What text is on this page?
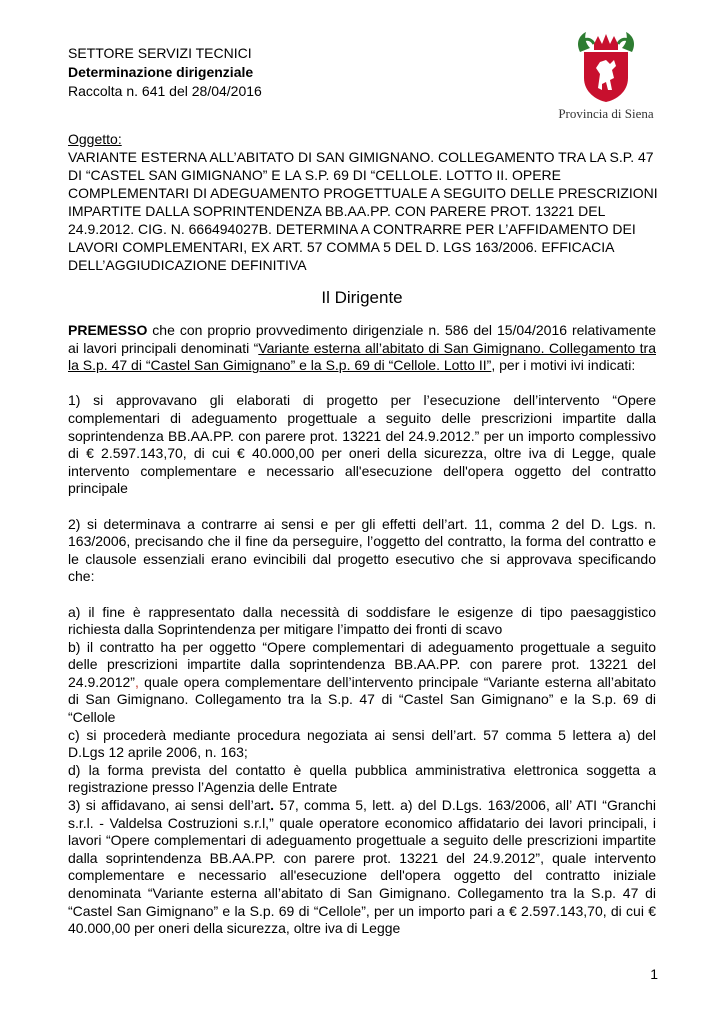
SETTORE SERVIZI TECNICI
Determinazione dirigenziale
Raccolta n. 641 del 28/04/2016
Provincia di Siena
Oggetto:
VARIANTE ESTERNA ALL’ABITATO DI SAN GIMIGNANO. COLLEGAMENTO TRA LA S.P. 47
DI “CASTEL SAN GIMIGNANO” E LA S.P. 69 DI “CELLOLE. LOTTO II. OPERE
COMPLEMENTARI DI ADEGUAMENTO PROGETTUALE A SEGUITO DELLE PRESCRIZIONI
IMPARTITE DALLA SOPRINTENDENZA BB.AA.PP. CON PARERE PROT. 13221 DEL
24.9.2012. CIG. N. 666494027B. DETERMINA A CONTRARRE PER L’AFFIDAMENTO DEI
LAVORI COMPLEMENTARI, EX ART. 57 COMMA 5 DEL D. LGS 163/2006. EFFICACIA
DELL’AGGIUDICAZIONE DEFINITIVA
Il Dirigente

PREMESSO che con proprio provvedimento dirigenziale n. 586 del 15/04/2016 relativamente ai lavori principali denominati “Variante esterna all’abitato di San Gimignano. Collegamento tra la S.p. 47 di “Castel San Gimignano” e la S.p. 69 di “Cellole. Lotto II”, per i motivi ivi indicati:

1) si approvavano gli elaborati di progetto per l’esecuzione dell’intervento “Opere complementari di adeguamento progettuale a seguito delle prescrizioni impartite dalla soprintendenza BB.AA.PP. con parere prot. 13221 del 24.9.2012.” per un importo complessivo di € 2.597.143,70, di cui € 40.000,00 per oneri della sicurezza, oltre iva di Legge, quale intervento complementare e necessario all'esecuzione dell'opera oggetto del contratto principale

2) si determinava a contrarre ai sensi e per gli effetti dell’art. 11, comma 2 del D. Lgs. n. 163/2006, precisando che il fine da perseguire, l’oggetto del contratto, la forma del contratto e le clausole essenziali erano evincibili dal progetto esecutivo che si approvava specificando che:

a) il fine è rappresentato dalla necessità di soddisfare le esigenze di tipo paesaggistico richiesta dalla Soprintendenza per mitigare l’impatto dei fronti di scavo

b) il contratto ha per oggetto “Opere complementari di adeguamento progettuale a seguito delle prescrizioni impartite dalla soprintendenza BB.AA.PP. con parere prot. 13221 del 24.9.2012”, quale opera complementare dell’intervento principale “Variante esterna all’abitato di San Gimignano. Collegamento tra la S.p. 47 di “Castel San Gimignano” e la S.p. 69 di “Cellole

c) si procederà mediante procedura negoziata ai sensi dell’art. 57 comma 5 lettera a) del D.Lgs 12 aprile 2006, n. 163;

d) la forma prevista del contatto è quella pubblica amministrativa elettronica soggetta a registrazione presso l’Agenzia delle Entrate

3) si affidavano, ai sensi dell’art. 57, comma 5, lett. a) del D.Lgs. 163/2006, all’ ATI “Granchi s.r.l. - Valdelsa Costruzioni s.r.l,” quale operatore economico affidatario dei lavori principali, i lavori “Opere complementari di adeguamento progettuale a seguito delle prescrizioni impartite dalla soprintendenza BB.AA.PP. con parere prot. 13221 del 24.9.2012”, quale intervento complementare e necessario all'esecuzione dell'opera oggetto del contratto iniziale denominata “Variante esterna all’abitato di San Gimignano. Collegamento tra la S.p. 47 di “Castel San Gimignano” e la S.p. 69 di “Cellole”, per un importo pari a € 2.597.143,70, di cui € 40.000,00 per oneri della sicurezza, oltre iva di Legge

1
